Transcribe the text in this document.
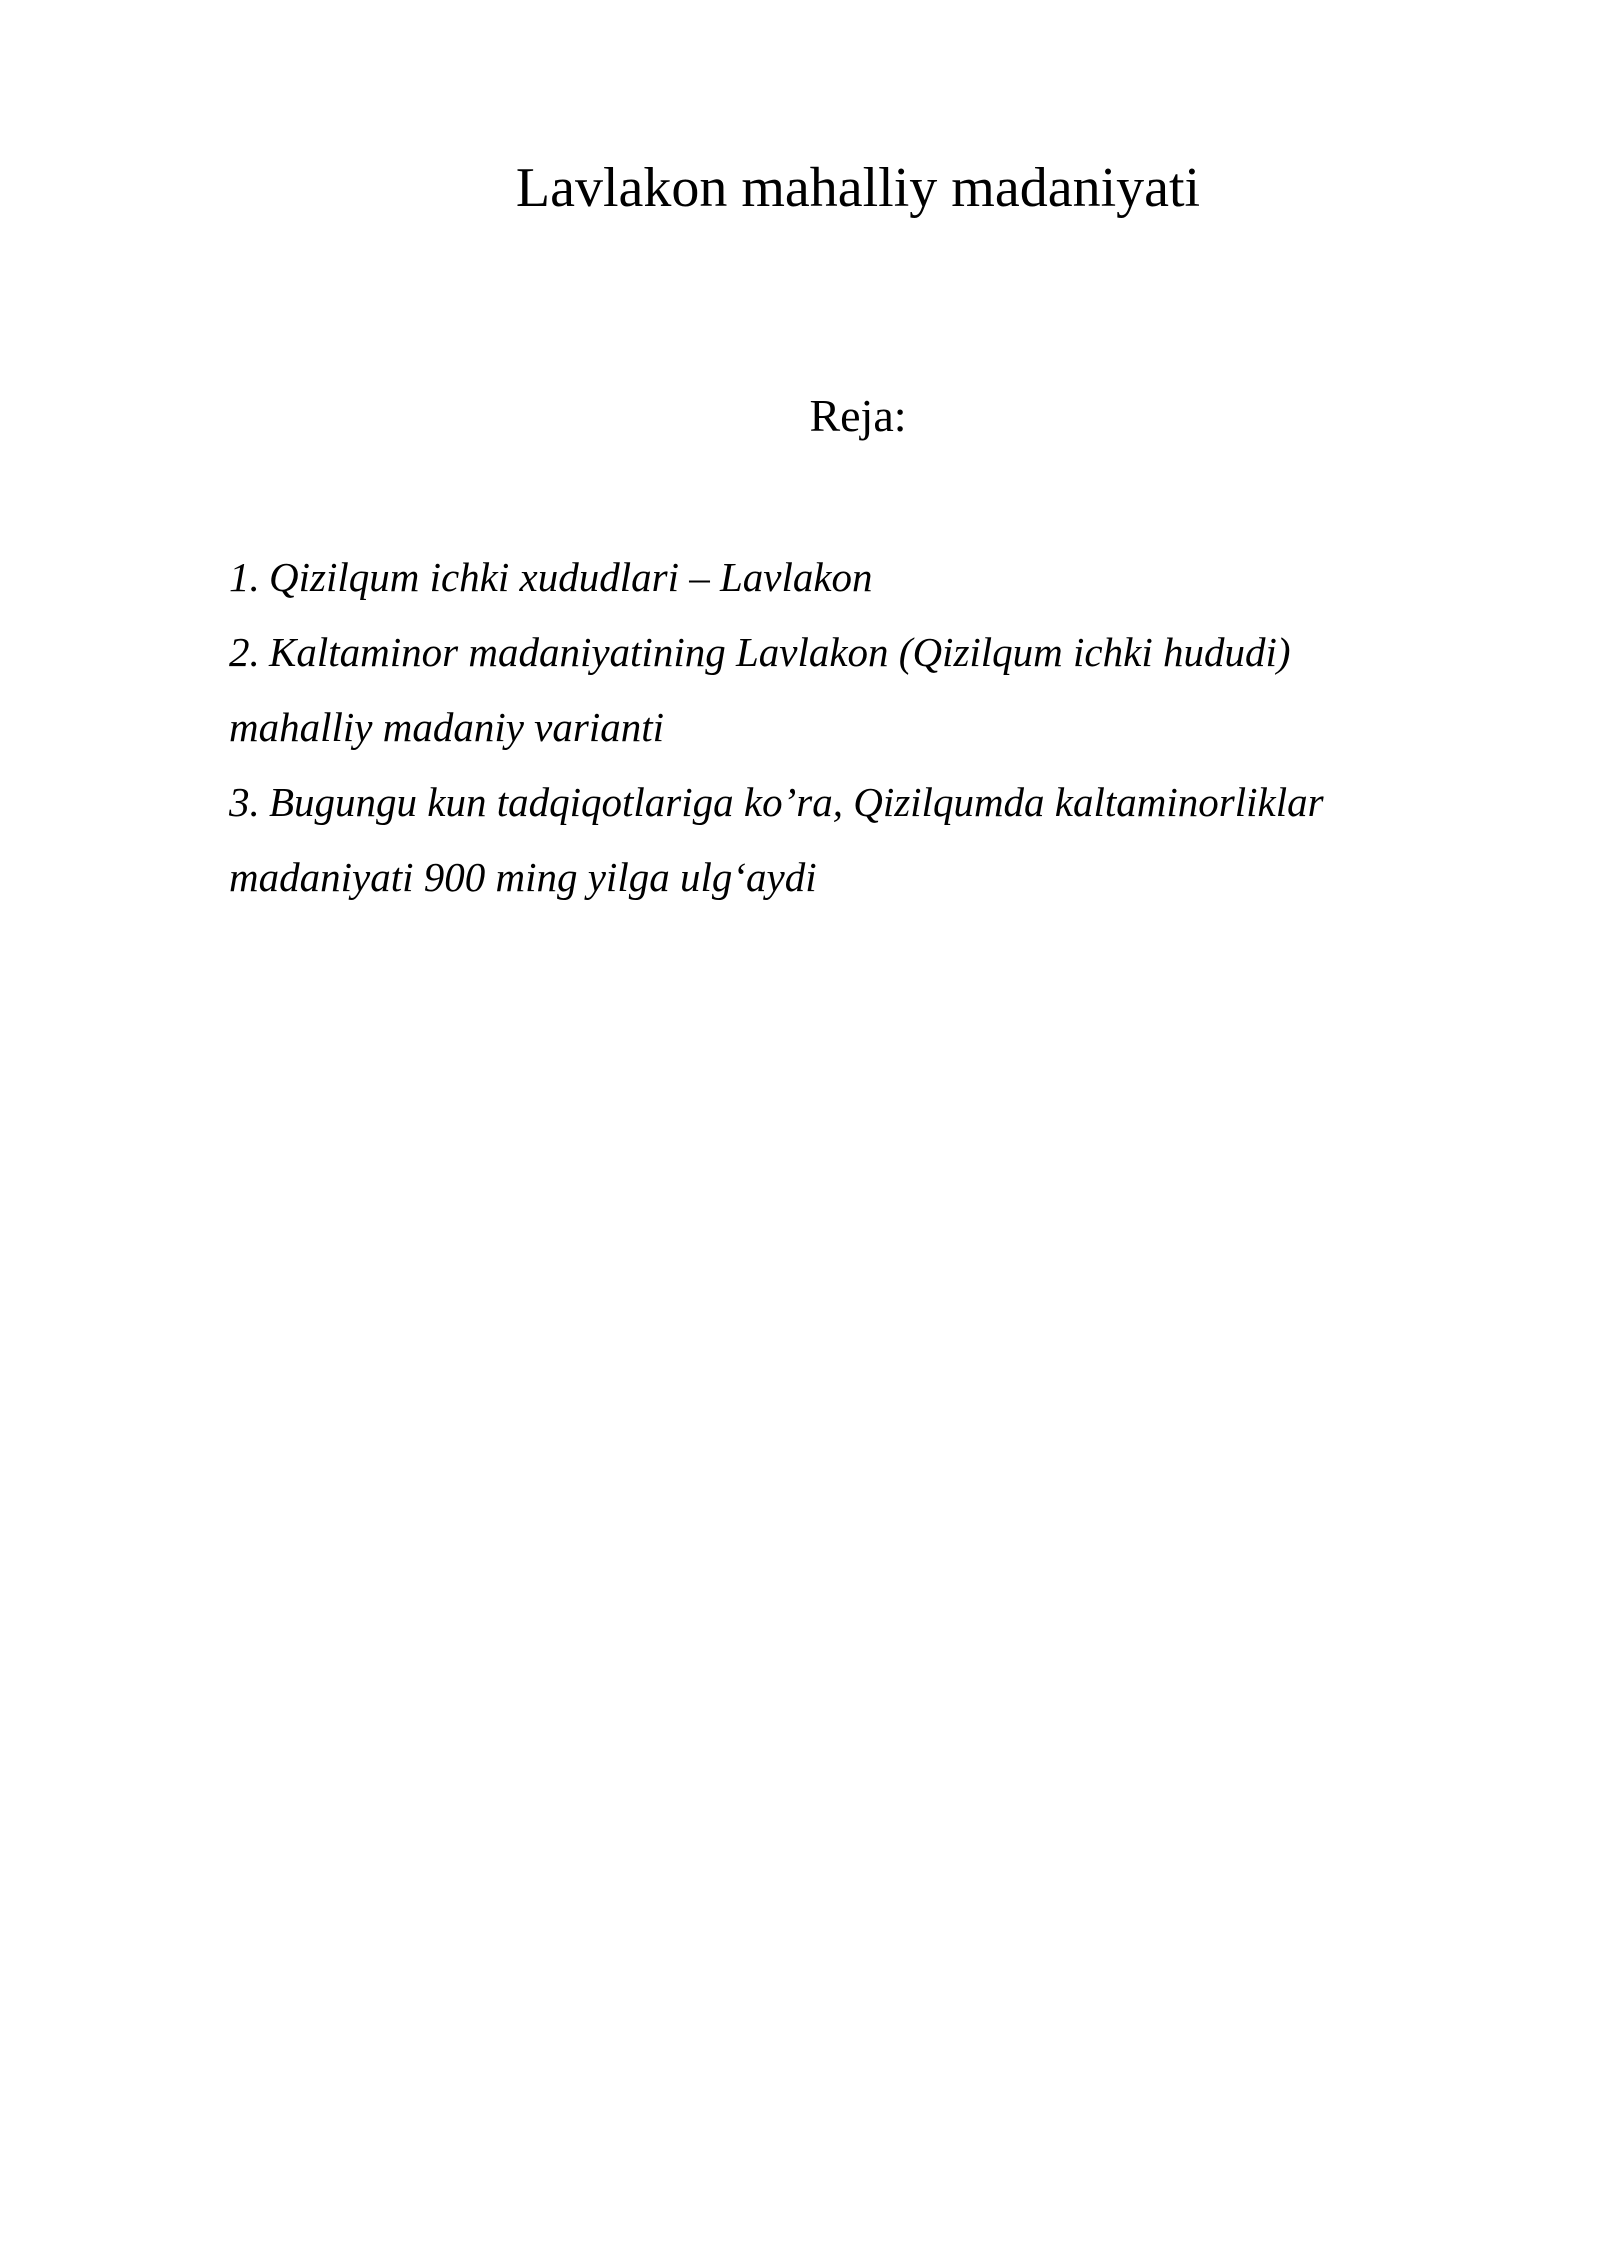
Lavlakon mahalliy madaniyati
Reja:
1. Qizilqum ichki xududlari – Lavlakon
2. Kaltaminor madaniyatining Lavlakon (Qizilqum ichki hududi) mahalliy madaniy varianti
3. Bugungu kun tadqiqotlariga ko’ra, Qizilqumda kaltaminorliklar madaniyati 900 ming yilga ulg‘aydi
